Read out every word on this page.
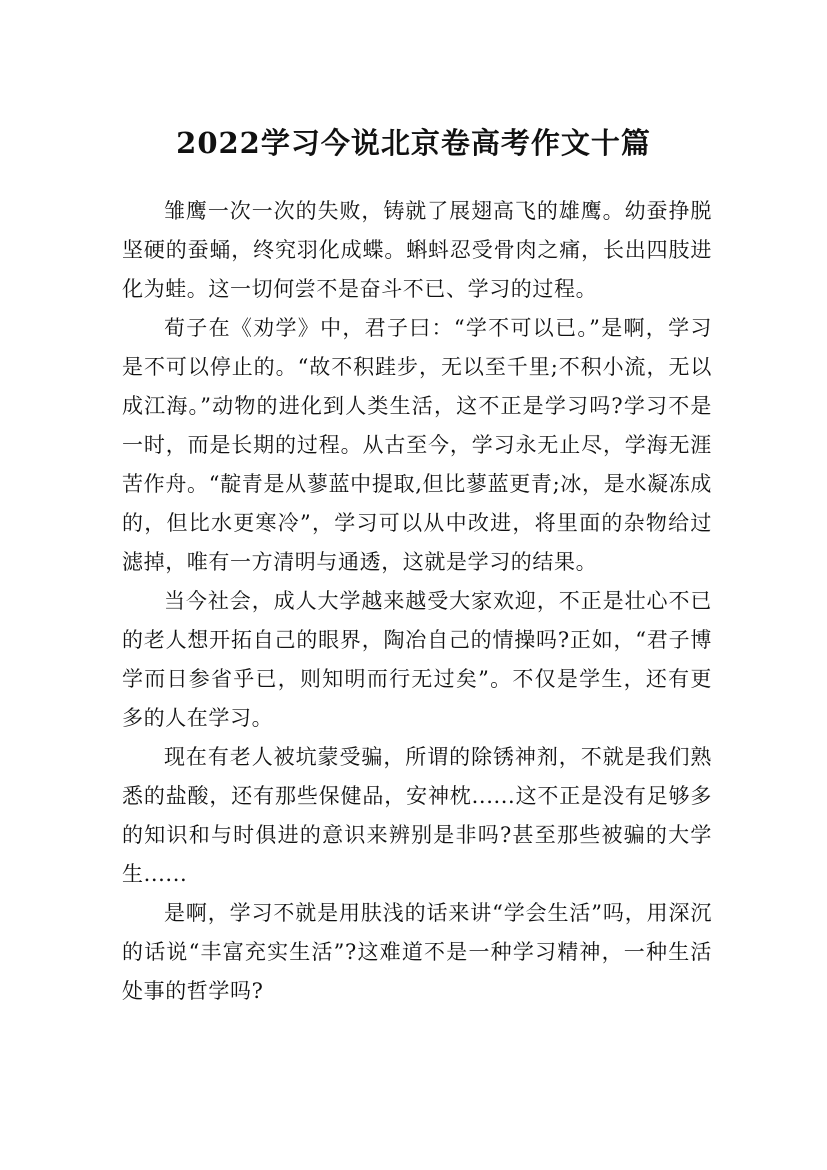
2022学习今说北京卷高考作文十篇

雏鹰一次一次的失败，铸就了展翅高飞的雄鹰。幼蚕挣脱坚硬的蚕蛹，终究羽化成蝶。蝌蚪忍受骨肉之痛，长出四肢进化为蛙。这一切何尝不是奋斗不已、学习的过程。

荀子在《劝学》中，君子曰：“学不可以已。”是啊，学习是不可以停止的。“故不积跬步，无以至千里;不积小流，无以成江海。”动物的进化到人类生活，这不正是学习吗?学习不是一时，而是长期的过程。从古至今，学习永无止尽，学海无涯苦作舟。“靛青是从蓼蓝中提取,但比蓼蓝更青;冰，是水凝冻成的，但比水更寒冷”，学习可以从中改进，将里面的杂物给过滤掉，唯有一方清明与通透，这就是学习的结果。

当今社会，成人大学越来越受大家欢迎，不正是壮心不已的老人想开拓自己的眼界，陶冶自己的情操吗?正如，“君子博学而日参省乎已，则知明而行无过矣”。不仅是学生，还有更多的人在学习。

现在有老人被坑蒙受骗，所谓的除锈神剂，不就是我们熟悉的盐酸，还有那些保健品，安神枕......这不正是没有足够多的知识和与时俱进的意识来辨别是非吗?甚至那些被骗的大学生......

是啊，学习不就是用肤浅的话来讲“学会生活”吗，用深沉的话说“丰富充实生活”?这难道不是一种学习精神，一种生活处事的哲学吗?
